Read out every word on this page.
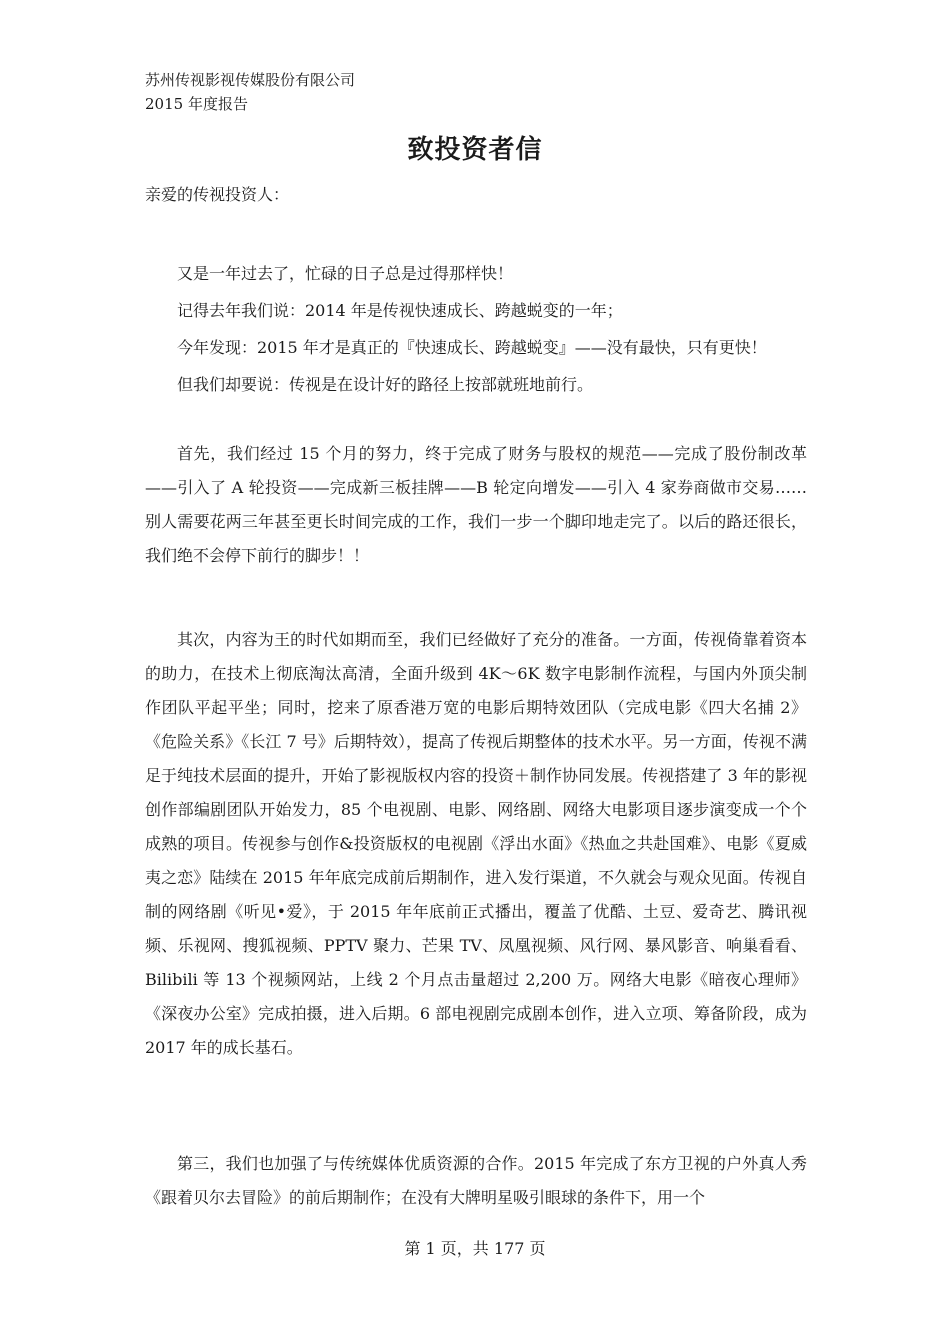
苏州传视影视传媒股份有限公司
2015 年度报告
致投资者信
亲爱的传视投资人：

又是一年过去了，忙碌的日子总是过得那样快！

记得去年我们说：2014 年是传视快速成长、跨越蜕变的一年；

今年发现：2015 年才是真正的『快速成长、跨越蜕变』——没有最快，只有更快！

但我们却要说：传视是在设计好的路径上按部就班地前行。

首先，我们经过 15 个月的努力，终于完成了财务与股权的规范——完成了股份制改革——引入了 A 轮投资——完成新三板挂牌——B 轮定向增发——引入 4 家券商做市交易……别人需要花两三年甚至更长时间完成的工作，我们一步一个脚印地走完了。以后的路还很长，我们绝不会停下前行的脚步！！

其次，内容为王的时代如期而至，我们已经做好了充分的准备。一方面，传视倚靠着资本的助力，在技术上彻底淘汰高清，全面升级到 4K～6K 数字电影制作流程，与国内外顶尖制作团队平起平坐；同时，挖来了原香港万宽的电影后期特效团队（完成电影《四大名捕 2》《危险关系》《长江 7 号》后期特效），提高了传视后期整体的技术水平。另一方面，传视不满足于纯技术层面的提升，开始了影视版权内容的投资＋制作协同发展。传视搭建了 3 年的影视创作部编剧团队开始发力，85 个电视剧、电影、网络剧、网络大电影项目逐步演变成一个个成熟的项目。传视参与创作&投资版权的电视剧《浮出水面》《热血之共赴国难》、电影《夏威夷之恋》陆续在 2015 年年底完成前后期制作，进入发行渠道，不久就会与观众见面。传视自制的网络剧《听见•爱》，于 2015 年年底前正式播出，覆盖了优酷、土豆、爱奇艺、腾讯视频、乐视网、搜狐视频、PPTV 聚力、芒果 TV、凤凰视频、风行网、暴风影音、响巢看看、Bilibili 等 13 个视频网站，上线 2 个月点击量超过 2,200 万。网络大电影《暗夜心理师》《深夜办公室》完成拍摄，进入后期。6 部电视剧完成剧本创作，进入立项、筹备阶段，成为 2017 年的成长基石。

第三，我们也加强了与传统媒体优质资源的合作。2015 年完成了东方卫视的户外真人秀《跟着贝尔去冒险》的前后期制作；在没有大牌明星吸引眼球的条件下，用一个

第 1 页，共 177 页
